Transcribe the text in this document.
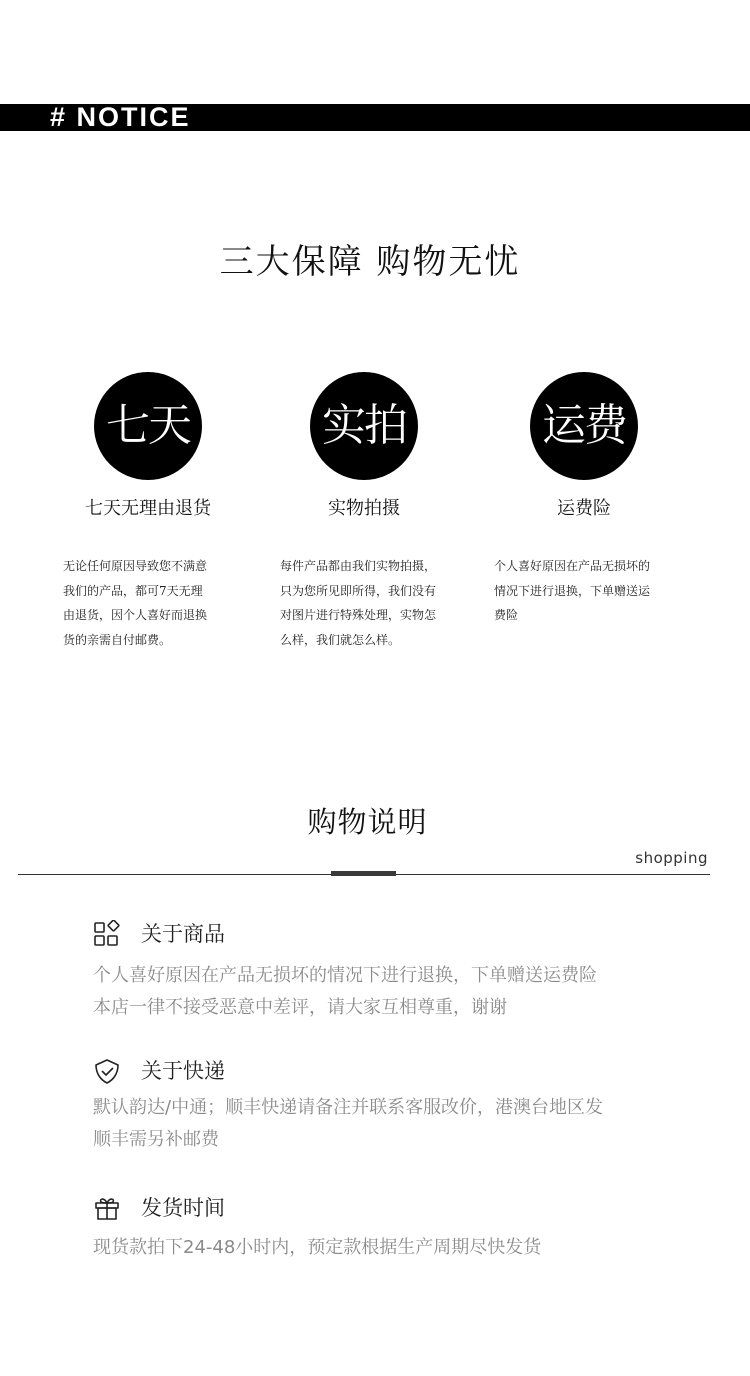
# NOTICE
三大保障 购物无忧
七天
七天无理由退货
无论任何原因导致您不满意
我们的产品，都可7天无理
由退货，因个人喜好而退换
货的亲需自付邮费。
实拍
实物拍摄
每件产品都由我们实物拍摄，
只为您所见即所得，我们没有
对图片进行特殊处理，实物怎
么样，我们就怎么样。
运费
运费险
个人喜好原因在产品无损坏的
情况下进行退换，下单赠送运
费险
购物说明
shopping
关于商品
个人喜好原因在产品无损坏的情况下进行退换，下单赠送运费险
本店一律不接受恶意中差评，请大家互相尊重，谢谢
关于快递
默认韵达/中通；顺丰快递请备注并联系客服改价，港澳台地区发
顺丰需另补邮费
发货时间
现货款拍下24-48小时内，预定款根据生产周期尽快发货
